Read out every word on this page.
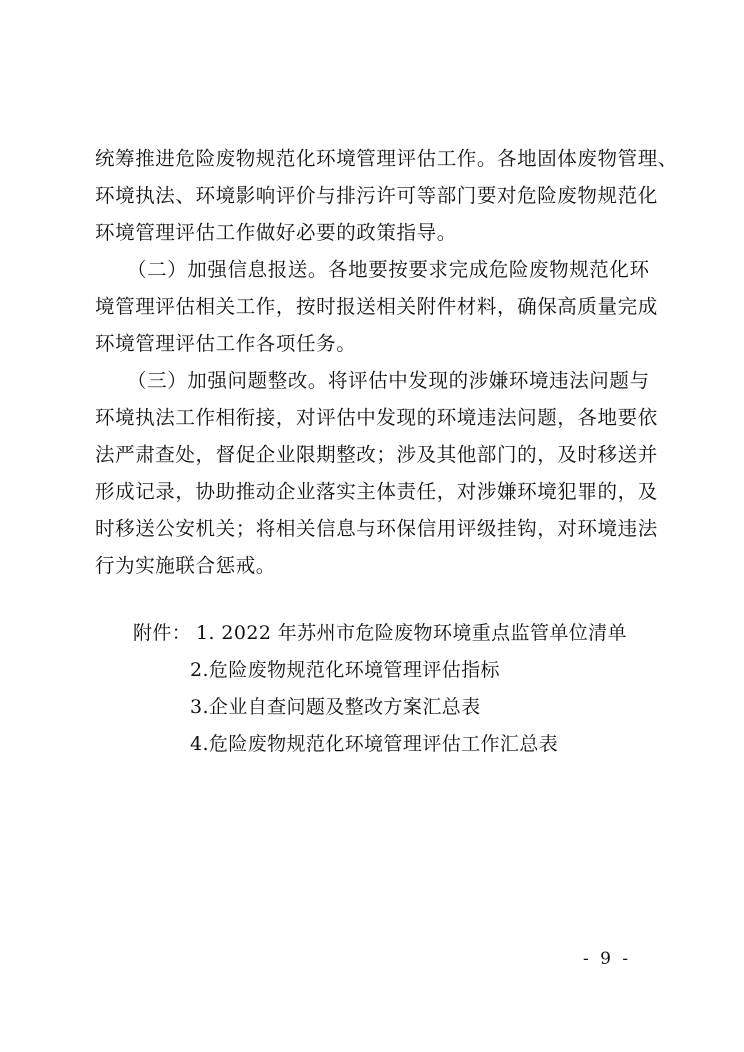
统筹推进危险废物规范化环境管理评估工作。各地固体废物管理、
环境执法、环境影响评价与排污许可等部门要对危险废物规范化
环境管理评估工作做好必要的政策指导。
（二）加强信息报送。各地要按要求完成危险废物规范化环
境管理评估相关工作，按时报送相关附件材料，确保高质量完成
环境管理评估工作各项任务。
（三）加强问题整改。将评估中发现的涉嫌环境违法问题与
环境执法工作相衔接，对评估中发现的环境违法问题，各地要依
法严肃查处，督促企业限期整改；涉及其他部门的，及时移送并
形成记录，协助推动企业落实主体责任，对涉嫌环境犯罪的，及
时移送公安机关；将相关信息与环保信用评级挂钩，对环境违法
行为实施联合惩戒。
附件： 1. 2022 年苏州市危险废物环境重点监管单位清单
2.危险废物规范化环境管理评估指标
3.企业自查问题及整改方案汇总表
4.危险废物规范化环境管理评估工作汇总表
- 9 -
